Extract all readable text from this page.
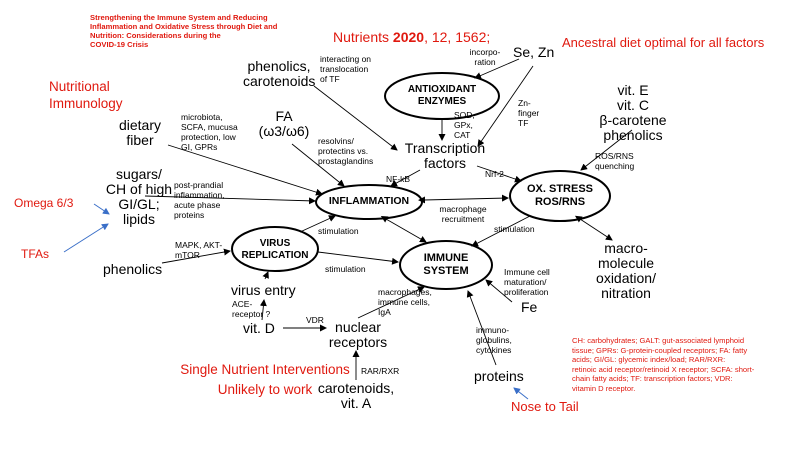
Strengthening the Immune System and Reducing
Inflammation and Oxidative Stress through Diet and
Nutrition: Considerations during the
COVID-19 Crisis	Nutrients 2020, 12, 1562;	Ancestral diet optimal for all factors
Nutritional
Immunology
Omega 6/3
TFAs
Single Nutrient Interventions
Unlikely to work
Nose to Tail
CH: carbohydrates; GALT: gut-associated lymphoid
tissue; GPRs: G-protein-coupled receptors; FA: fatty
acids; GI/GL: glycemic index/load; RAR/RXR:
retinoic acid receptor/retinoid X receptor; SCFA: short-
chain fatty acids; TF: transcription factors; VDR:
vitamin D receptor.
ANTIOXIDANT
ENZYMES
INFLAMMATION
OX. STRESS
ROS/RNS
VIRUS
REPLICATION	IMMUNE
SYSTEM
phenolics,
carotenoids
Se, Zn
vit. E
vit. C
β-carotene
phenolics
FA
(ω3/ω6)
dietary
fiber	Transcription
factors
sugars/
CH of high
GI/GL;
lipids
macro-
molecule
oxidation/
nitration
phenolics
virus entry
Fe
vit. D	nuclear
receptors
carotenoids,
vit. A
proteins
incorpo-
ration
interacting on
translocation
of TF
SOD,
GPx,
CAT
Zn-
finger
TF
microbiota,
SCFA, mucusa
protection, low
GI, GPRs
resolvins/
protectins vs.
prostaglandins	ROS/RNS
quenching
NF-kB	Nrf-2
post-prandial
inflammation,
acute phase
proteins
macrophage
recruitment
stimulation	stimulation
stimulation
MAPK, AKT-
mTOR
Immune cell
maturation/
proliferation
ACE-
receptor ?
VDR
macrophages,
immune cells,
IgA
immuno-
globulins,
cytokines
RAR/RXR
